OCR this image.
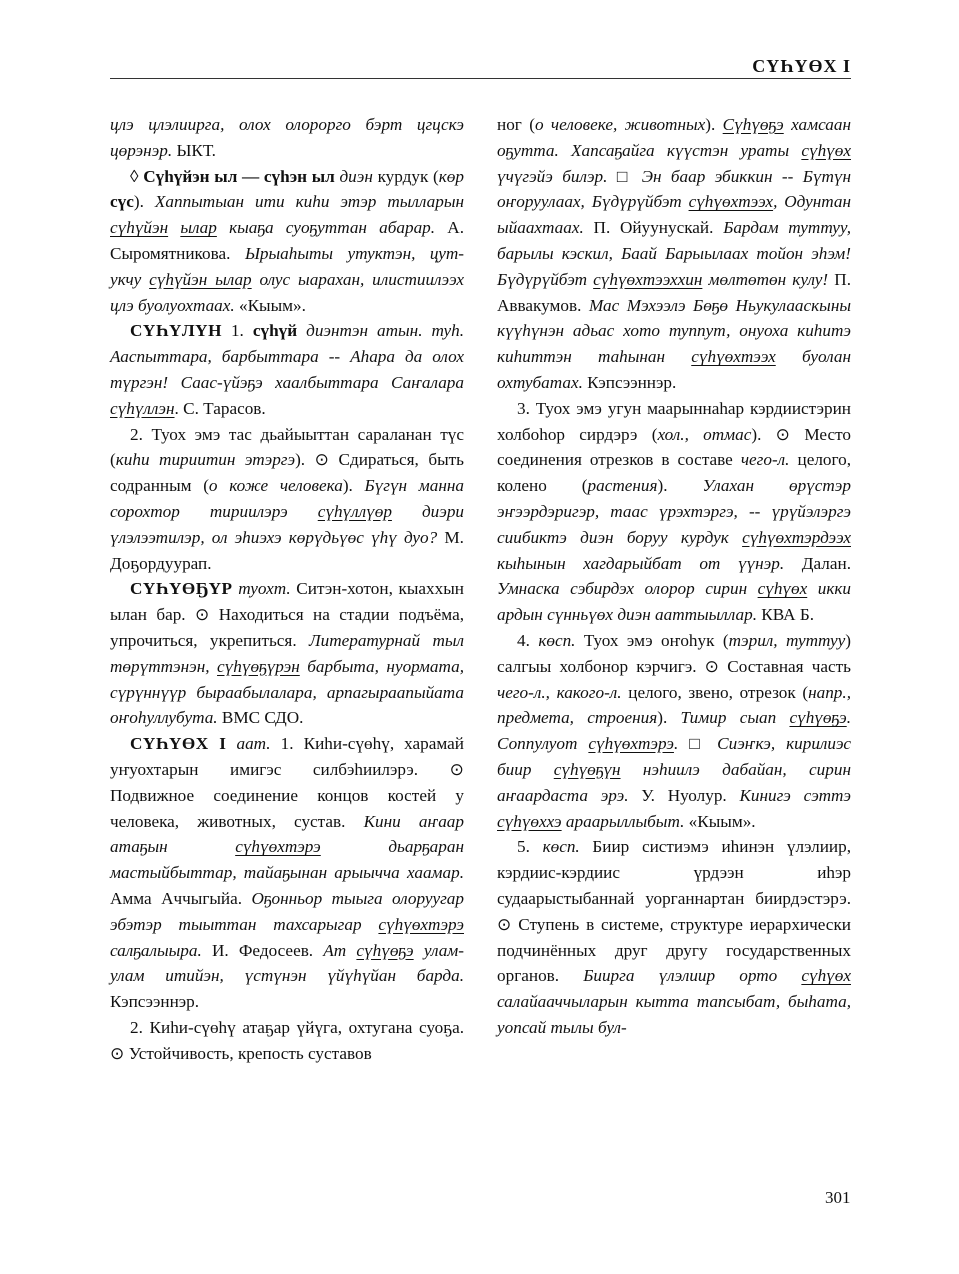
СҮҺҮӨХ I
цлэ цлэлиирга, олох олорорго бэрт цгцскэ цөрэнэр. ЫКТ.
◊ Сүһүйэн ыл — сүһэн ыл диэн курдук (көр сүс). Хаппытыан ити киһи этэр тылларын сүһүйэн ылар кыаҕа суоҕуттан абарар. А. Сыромятникова. Ырыаһыты утуктэн, цут-укчу сүһүйэн ылар олус ыарахан, илистиилээх цлэ буолуохтаах. «Кыым».
СҮҺҮЛҮН 1. сүһүй диэнтэн атын. туһ. Ааспыттара, барбыттара -- Аһара да олох түргэн! Саас-үйэҕэ хаалбыттара Саҥалара сүһүллэн. С. Тарасов.
2. Туох эмэ тас дьайыыттан сараланан түс (киһи тириитин этэргэ). ⊙ Сдираться, быть содранным (о коже человека). Бүгүн манна сорохтор тириилэрэ сүһүллүөр диэри үлэлээтилэр, ол эһиэхэ көрүдьүөс үһү дуо? М. Доҕордуурап.
СҮҺҮӨҔҮР туохт. Ситэн-хотон, кыаххын ылан бар. ⊙ Находиться на стадии подъёма, упрочиться, укрепиться. Литературнай тыл төрүттэнэн, сүһүөҕүрэн барбыта, нуормата, сүрүннүүр быраабылалара, арпагыраапыйата оҥоһуллубута. ВМС СДО.
СҮҺҮӨХ I аат. 1. Киһи-сүөһү, харамай уҥуохтарын имигэс силбэһиилэрэ. ⊙ Подвижное соединение концов костей у человека, животных, сустав. Кини аҥаар атаҕын сүһүөхтэрэ дьарҕаран мастыйбыттар, тайаҕынан арыычча хаамар. Амма Аччыгыйа. Оҕонньор тыыга олоруугар эбэтэр тыыттан тахсарыгар сүһүөхтэрэ салҕалыыра. И. Федосеев. Ат сүһүөҕэ улам-улам итийэн, үстүнэн үйүһүйан барда. Кэпсээннэр.
2. Киһи-сүөһү атаҕар үйүга, охтугана суоҕа. ⊙ Устойчивость, крепость суставов
ног (о человеке, животных). Сүһүөҕэ хамсаан оҕутта. Хапсаҕайга күүстэн ураты сүһүөх үчүгэйэ билэр. □ Эн баар эбиккин -- Бүтүн оҥоруулаах, Бүдүрүйбэт сүһүөхтээх, Одунтан ыйаахтаах. П. Ойуунускай. Бардам туттуу, барылы кэскил, Баай Барыылаах тойон эһэм! Бүдүрүйбэт сүһүөхтээххин мөлтөтөн кулу! П. Аввакумов. Мас Мэхээлэ Бөҕө Ньукулааскыны күүһүнэн адьас хото туппут, онуоха киһитэ киһиттэн таһынан сүһүөхтээх буолан охтубатах. Кэпсээннэр.
3. Туох эмэ угун маарыннаһар кэрдиистэрин холбоһор сирдэрэ (хол., отмас). ⊙ Место соединения отрезков в составе чего-л. целого, колено (растения). Улахан өрүстэр эҥээрдэригэр, таас үрэхтэргэ, -- үрүйэлэргэ сиибиктэ диэн боруу курдук сүһүөхтэрдээх кыһынын хагдарыйбат от үүнэр. Далан. Умнаска сэбирдэх олорор сирин сүһүөх икки ардын сүнньүөх диэн ааттыыллар. КВА Б.
4. көсп. Туох эмэ оҥоһук (тэрил, туттуу) салгыы холбонор кэрчигэ. ⊙ Составная часть чего-л., какого-л. целого, звено, отрезок (напр., предмета, строения). Тимир сыап сүһүөҕэ. Соппулуот сүһүөхтэрэ. □ Сиэҥкэ, кирилиэс биир сүһүөҕүн нэһиилэ дабайан, сирин аҥаардаста эрэ. У. Нуолур. Кинигэ сэттэ сүһүөххэ араарыллыбыт. «Кыым».
5. көсп. Биир систиэмэ иһинэн үлэлиир, кэрдиис-кэрдиис үрдээн иһэр судаарыстыбаннай уорганнартан биирдэстэрэ. ⊙ Ступень в системе, структуре иерархически подчинённых друг другу государственных органов. Биирга үлэлиир орто сүһүөх салайааччыларын кытта тапсыбат, быһата, уопсай тылы бул-
301
